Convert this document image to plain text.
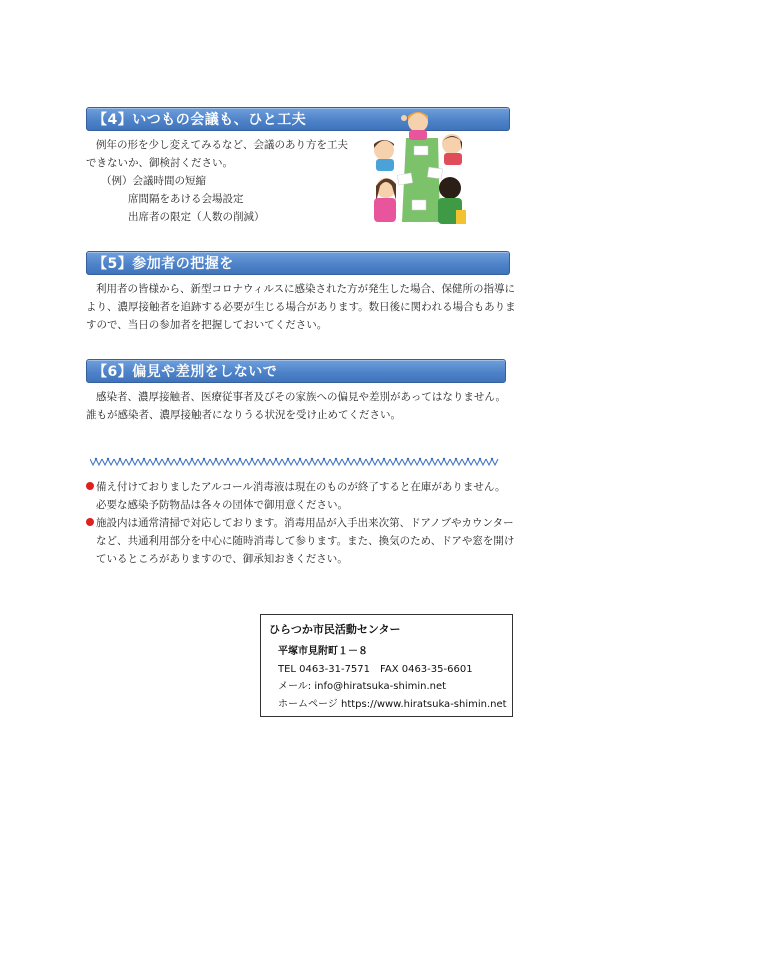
【4】いつもの会議も、ひと工夫
例年の形を少し変えてみるなど、会議のあり方を工夫
できないか、御検討ください。
（例）会議時間の短縮
席間隔をあける会場設定
出席者の限定（人数の削減）
【5】参加者の把握を
利用者の皆様から、新型コロナウィルスに感染された方が発生した場合、保健所の指導に
より、濃厚接触者を追跡する必要が生じる場合があります。数日後に関われる場合もありま
すので、当日の参加者を把握しておいてください。
【6】偏見や差別をしないで
感染者、濃厚接触者、医療従事者及びその家族への偏見や差別があってはなりません。
誰もが感染者、濃厚接触者になりうる状況を受け止めてください。
備え付けておりましたアルコール消毒液は現在のものが終了すると在庫がありません。
必要な感染予防物品は各々の団体で御用意ください。
施設内は通常清掃で対応しております。消毒用品が入手出来次第、ドアノブやカウンター
など、共通利用部分を中心に随時消毒して参ります。また、換気のため、ドアや窓を開け
ているところがありますので、御承知おきください。
ひらつか市民活動センター
平塚市見附町１－８
TEL 0463-31-7571　FAX 0463-35-6601
メール: info@hiratsuka-shimin.net
ホームページ https://www.hiratsuka-shimin.net
